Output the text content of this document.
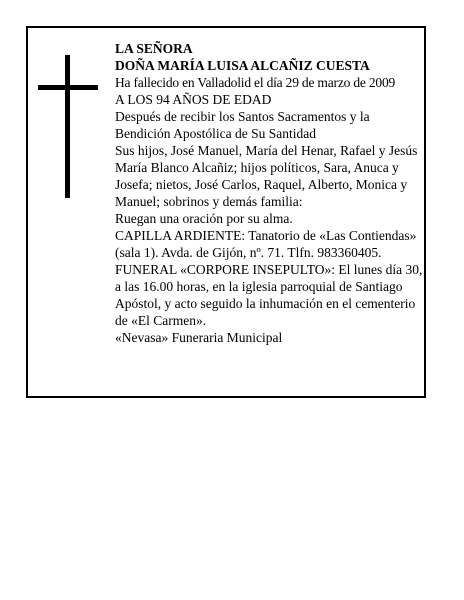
LA SEÑORA

DOÑA MARÍA LUISA ALCAÑIZ CUESTA

Ha fallecido en Valladolid el día 29 de marzo de 2009

A LOS 94 AÑOS DE EDAD

Después de recibir los Santos Sacramentos y la Bendición Apostólica de Su Santidad

Sus hijos, José Manuel, María del Henar, Rafael y Jesús María Blanco Alcañiz; hijos políticos, Sara, Anuca y Josefa; nietos, José Carlos, Raquel, Alberto, Monica y Manuel; sobrinos y demás familia:

Ruegan una oración por su alma.

CAPILLA ARDIENTE: Tanatorio de «Las Contiendas» (sala 1). Avda. de Gijón, nº. 71. Tlfn. 983360405.

FUNERAL «CORPORE INSEPULTO»: El lunes día 30, a las 16.00 horas, en la iglesia parroquial de Santiago Apóstol, y acto seguido la inhumación en el cementerio de «El Carmen».

«Nevasa» Funeraria Municipal
